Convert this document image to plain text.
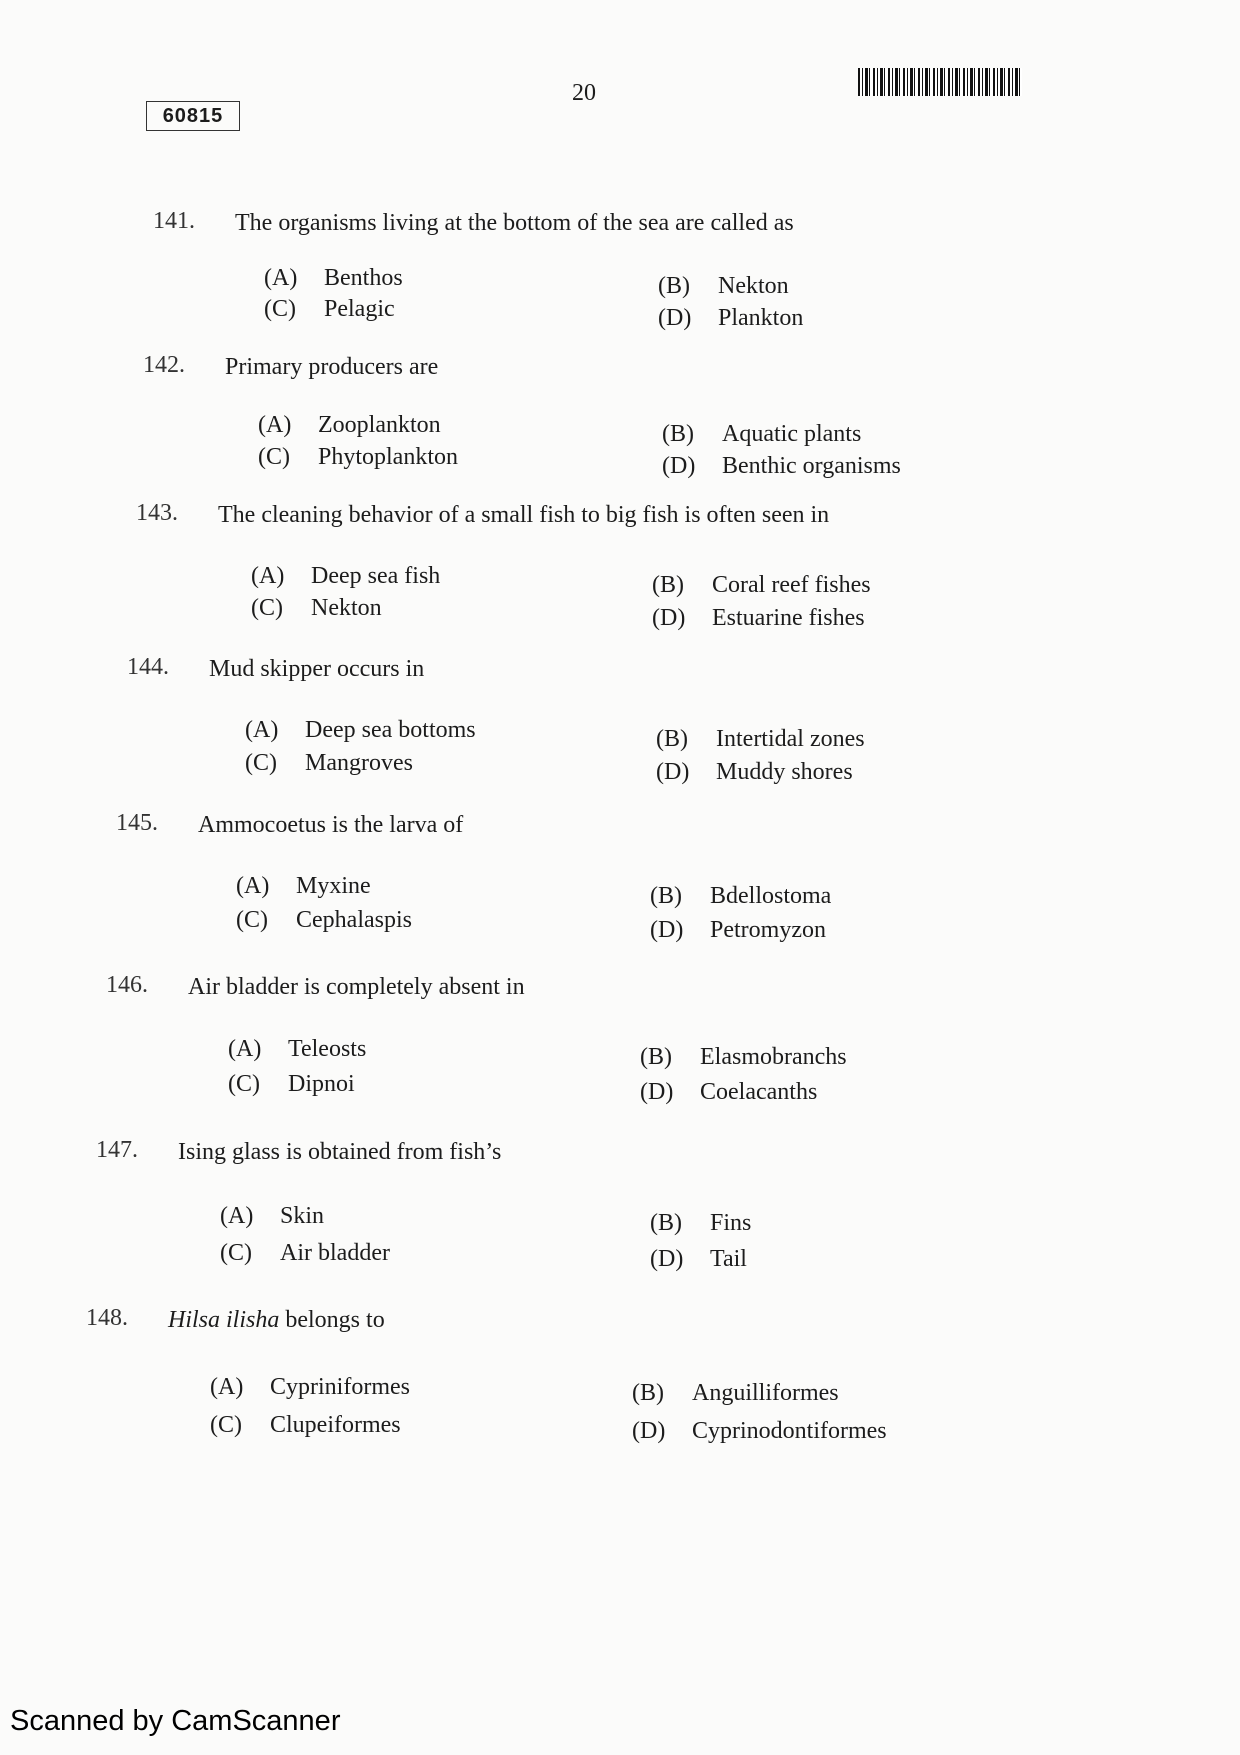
60815
20
141. The organisms living at the bottom of the sea are called as
(A) Benthos
(C) Pelagic
(B) Nekton
(D) Plankton
142. Primary producers are
(A) Zooplankton
(C) Phytoplankton
(B) Aquatic plants
(D) Benthic organisms
143. The cleaning behavior of a small fish to big fish is often seen in
(A) Deep sea fish
(C) Nekton
(B) Coral reef fishes
(D) Estuarine fishes
144. Mud skipper occurs in
(A) Deep sea bottoms
(C) Mangroves
(B) Intertidal zones
(D) Muddy shores
145. Ammocoetus is the larva of
(A) Myxine
(C) Cephalaspis
(B) Bdellostoma
(D) Petromyzon
146. Air bladder is completely absent in
(A) Teleosts
(C) Dipnoi
(B) Elasmobranchs
(D) Coelacanths
147. Ising glass is obtained from fish’s
(A) Skin
(C) Air bladder
(B) Fins
(D) Tail
148. Hilsa ilisha belongs to
(A) Cypriniformes
(C) Clupeiformes
(B) Anguilliformes
(D) Cyprinodontiformes
Scanned by CamScanner
